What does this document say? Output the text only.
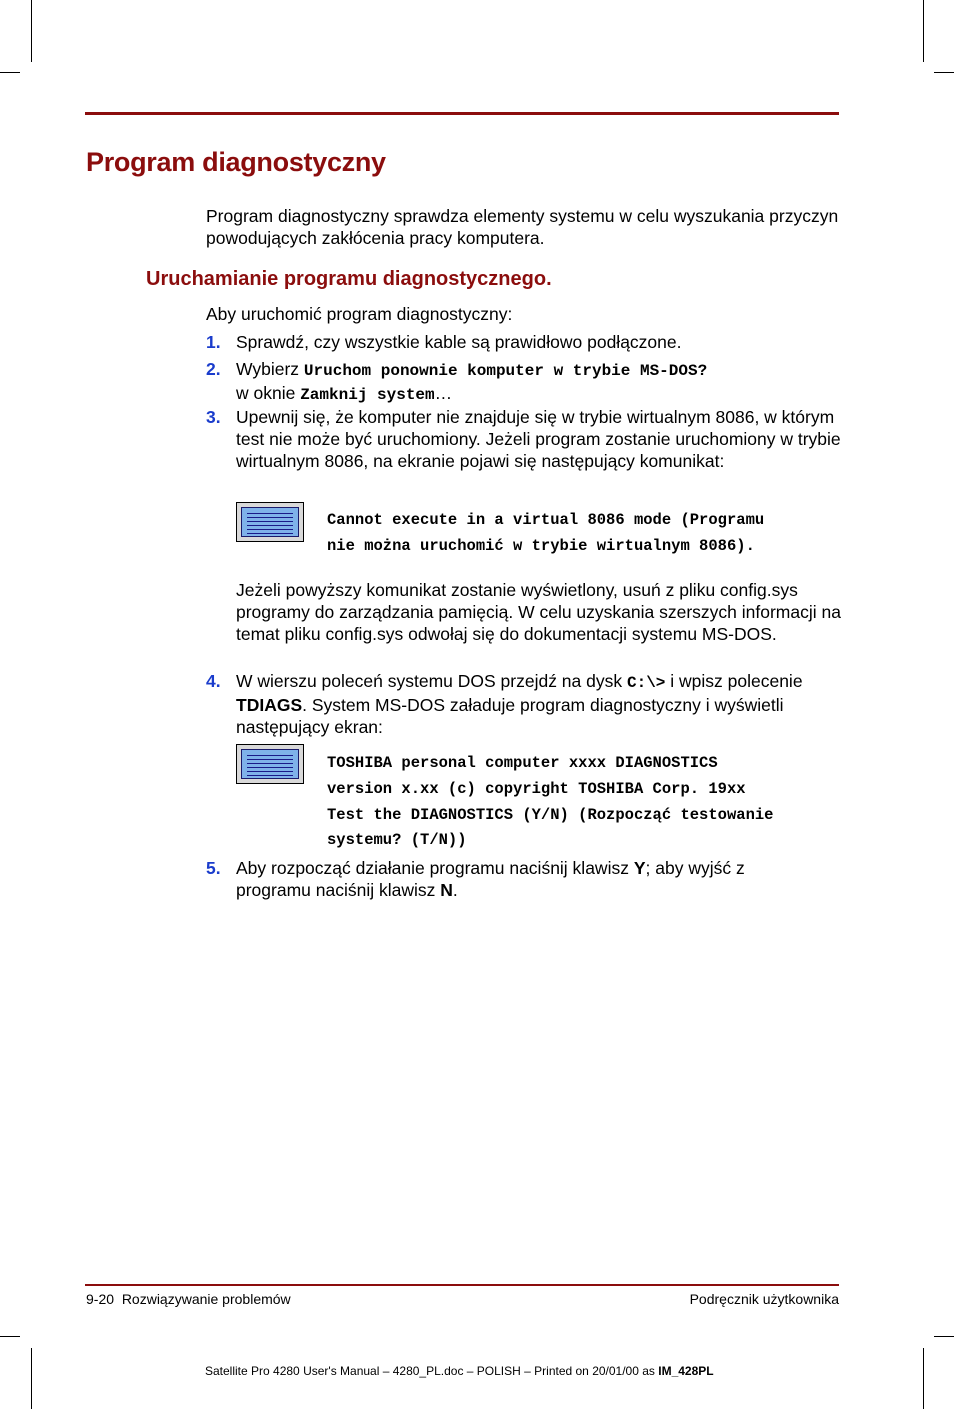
Program diagnostyczny

Program diagnostyczny sprawdza elementy systemu w celu wyszukania przyczyn powodujących zakłócenia pracy komputera.

Uruchamianie programu diagnostycznego.

Aby uruchomić program diagnostyczny:

1. Sprawdź, czy wszystkie kable są prawidłowo podłączone.

2. Wybierz Uruchom ponownie komputer w trybie MS-DOS?
w oknie Zamknij system…

3. Upewnij się, że komputer nie znajduje się w trybie wirtualnym 8086, w którym test nie może być uruchomiony. Jeżeli program zostanie uruchomiony w trybie wirtualnym 8086, na ekranie pojawi się następujący komunikat:

Cannot execute in a virtual 8086 mode (Programu
nie można uruchomić w trybie wirtualnym 8086).

Jeżeli powyższy komunikat zostanie wyświetlony, usuń z pliku config.sys programy do zarządzania pamięcią. W celu uzyskania szerszych informacji na temat pliku config.sys odwołaj się do dokumentacji systemu MS-DOS.

4. W wierszu poleceń systemu DOS przejdź na dysk C:\> i wpisz polecenie TDIAGS. System MS-DOS załaduje program diagnostyczny i wyświetli następujący ekran:

TOSHIBA personal computer xxxx DIAGNOSTICS
version x.xx (c) copyright TOSHIBA Corp. 19xx
Test the DIAGNOSTICS (Y/N) (Rozpocząć testowanie
systemu? (T/N))
5. Aby rozpocząć działanie programu naciśnij klawisz Y; aby wyjść z programu naciśnij klawisz N.

9-20 Rozwiązywanie problemów	Podręcznik użytkownika
Satellite Pro 4280 User's Manual – 4280_PL.doc – POLISH – Printed on 20/01/00 as IM_428PL
